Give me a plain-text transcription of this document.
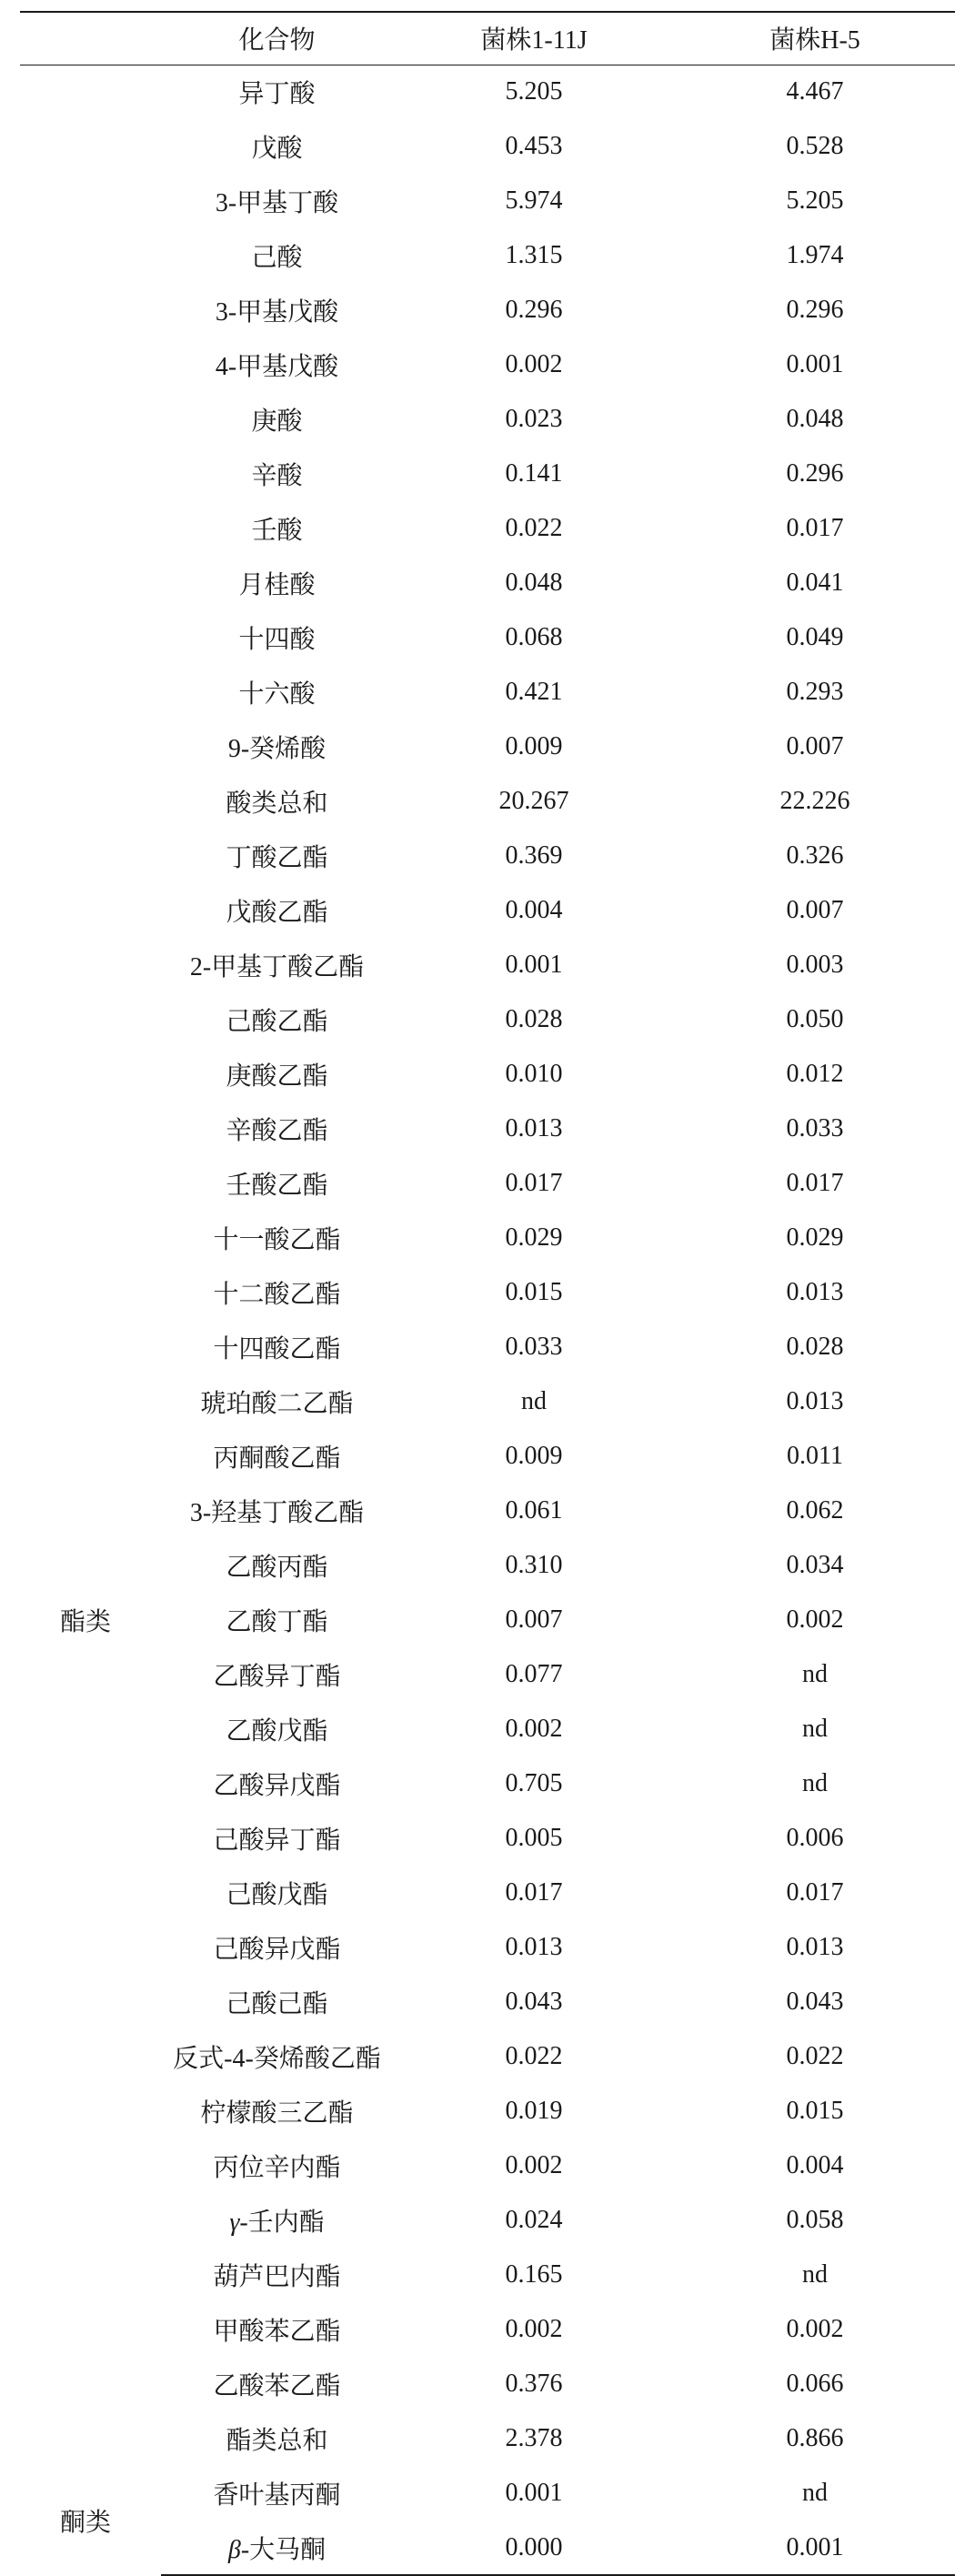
	化合物	菌株1-11J	菌株H-5
	异丁酸	5.205	4.467
	戊酸	0.453	0.528
	3-甲基丁酸	5.974	5.205
	己酸	1.315	1.974
	3-甲基戊酸	0.296	0.296
	4-甲基戊酸	0.002	0.001
	庚酸	0.023	0.048
	辛酸	0.141	0.296
	壬酸	0.022	0.017
	月桂酸	0.048	0.041
	十四酸	0.068	0.049
	十六酸	0.421	0.293
	9-癸烯酸	0.009	0.007
	酸类总和	20.267	22.226
	丁酸乙酯	0.369	0.326
	戊酸乙酯	0.004	0.007
	2-甲基丁酸乙酯	0.001	0.003
	己酸乙酯	0.028	0.050
	庚酸乙酯	0.010	0.012
	辛酸乙酯	0.013	0.033
	壬酸乙酯	0.017	0.017
	十一酸乙酯	0.029	0.029
	十二酸乙酯	0.015	0.013
	十四酸乙酯	0.033	0.028
	琥珀酸二乙酯	nd	0.013
	丙酮酸乙酯	0.009	0.011
	3-羟基丁酸乙酯	0.061	0.062
	乙酸丙酯	0.310	0.034
酯类	乙酸丁酯	0.007	0.002
	乙酸异丁酯	0.077	nd
	乙酸戊酯	0.002	nd
	乙酸异戊酯	0.705	nd
	己酸异丁酯	0.005	0.006
	己酸戊酯	0.017	0.017
	己酸异戊酯	0.013	0.013
	己酸己酯	0.043	0.043
	反式-4-癸烯酸乙酯	0.022	0.022
	柠檬酸三乙酯	0.019	0.015
	丙位辛内酯	0.002	0.004
	γ-壬内酯	0.024	0.058
	葫芦巴内酯	0.165	nd
	甲酸苯乙酯	0.002	0.002
	乙酸苯乙酯	0.376	0.066
	酯类总和	2.378	0.866
酮类	香叶基丙酮	0.001	nd
	β-大马酮	0.000	0.001
